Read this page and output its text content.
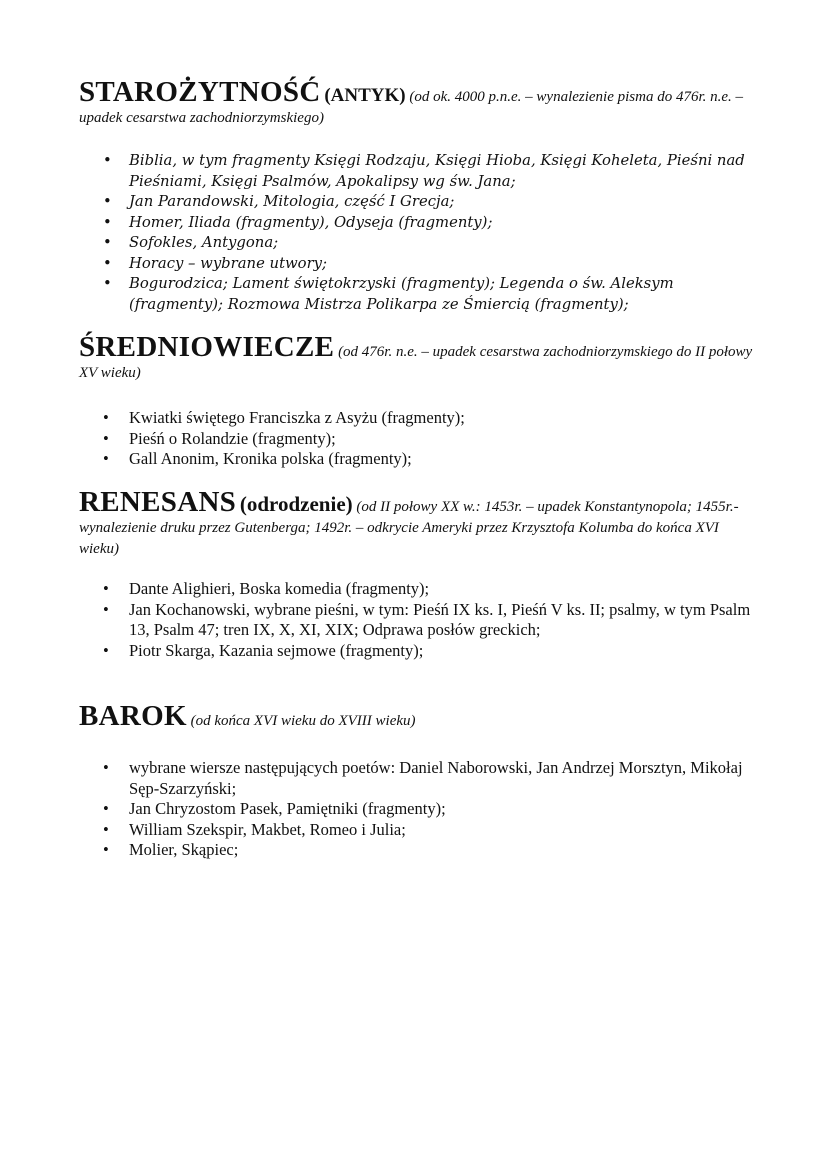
STAROŻYTNOŚĆ (ANTYK) (od ok. 4000 p.n.e. – wynalezienie pisma do 476r. n.e. – upadek cesarstwa zachodniorzymskiego)

• Biblia, w tym fragmenty Księgi Rodzaju, Księgi Hioba, Księgi Koheleta, Pieśni nad Pieśniami, Księgi Psalmów, Apokalipsy wg św. Jana;
• Jan Parandowski, Mitologia, część I Grecja;
• Homer, Iliada (fragmenty), Odyseja (fragmenty);
• Sofokles, Antygona;
• Horacy – wybrane utwory;
• Bogurodzica; Lament świętokrzyski (fragmenty); Legenda o św. Aleksym (fragmenty); Rozmowa Mistrza Polikarpa ze Śmiercią (fragmenty);

ŚREDNIOWIECZE (od 476r. n.e. – upadek cesarstwa zachodniorzymskiego do II połowy XV wieku)

• Kwiatki świętego Franciszka z Asyżu (fragmenty);
• Pieśń o Rolandzie (fragmenty);
• Gall Anonim, Kronika polska (fragmenty);

RENESANS (odrodzenie) (od II połowy XX w.: 1453r. – upadek Konstantynopola; 1455r.- wynalezienie druku przez Gutenberga; 1492r. – odkrycie Ameryki przez Krzysztofa Kolumba do końca XVI wieku)

• Dante Alighieri, Boska komedia (fragmenty);
• Jan Kochanowski, wybrane pieśni, w tym: Pieśń IX ks. I, Pieśń V ks. II; psalmy, w tym Psalm 13, Psalm 47; tren IX, X, XI, XIX; Odprawa posłów greckich;
• Piotr Skarga, Kazania sejmowe (fragmenty);

BAROK (od końca XVI wieku do XVIII wieku)

• wybrane wiersze następujących poetów: Daniel Naborowski, Jan Andrzej Morsztyn, Mikołaj Sęp-Szarzyński;
• Jan Chryzostom Pasek, Pamiętniki (fragmenty);
• William Szekspir, Makbet, Romeo i Julia;
• Molier, Skąpiec;
